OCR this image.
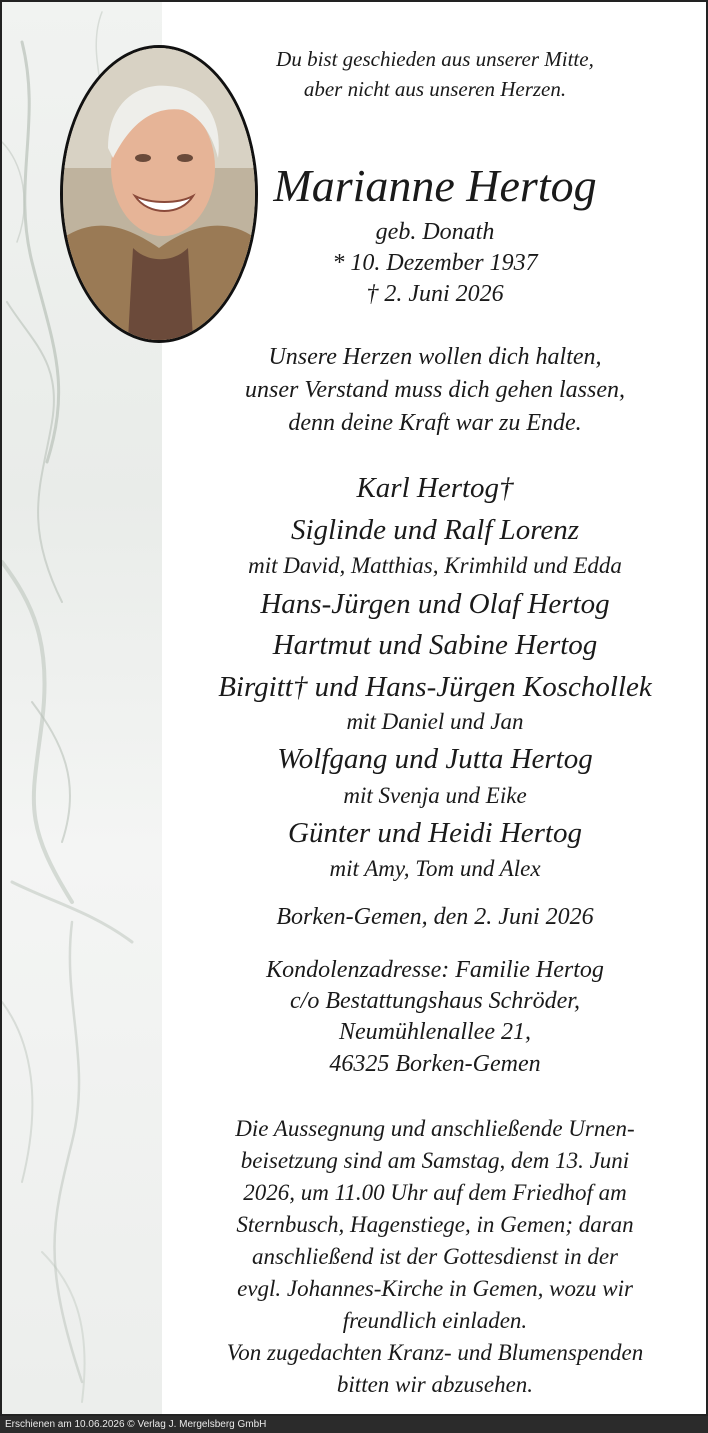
Du bist geschieden aus unserer Mitte,
aber nicht aus unseren Herzen.
Marianne Hertog
geb. Donath
* 10. Dezember 1937
† 2. Juni 2026
Unsere Herzen wollen dich halten,
unser Verstand muss dich gehen lassen,
denn deine Kraft war zu Ende.
Karl Hertog†
Siglinde und Ralf Lorenz
mit David, Matthias, Krimhild und Edda
Hans-Jürgen und Olaf Hertog
Hartmut und Sabine Hertog
Birgitt† und Hans-Jürgen Koschollek
mit Daniel und Jan
Wolfgang und Jutta Hertog
mit Svenja und Eike
Günter und Heidi Hertog
mit Amy, Tom und Alex
Borken-Gemen, den 2. Juni 2026
Kondolenzadresse: Familie Hertog
c/o Bestattungshaus Schröder,
Neumühlenallee 21,
46325 Borken-Gemen
Die Aussegnung und anschließende Urnen-
beisetzung sind am Samstag, dem 13. Juni
2026, um 11.00 Uhr auf dem Friedhof am
Sternbusch, Hagenstiege, in Gemen; daran
anschließend ist der Gottesdienst in der
evgl. Johannes-Kirche in Gemen, wozu wir
freundlich einladen.
Von zugedachten Kranz- und Blumenspenden
bitten wir abzusehen.
Erschienen am 10.06.2026 © Verlag J. Mergelsberg GmbH
